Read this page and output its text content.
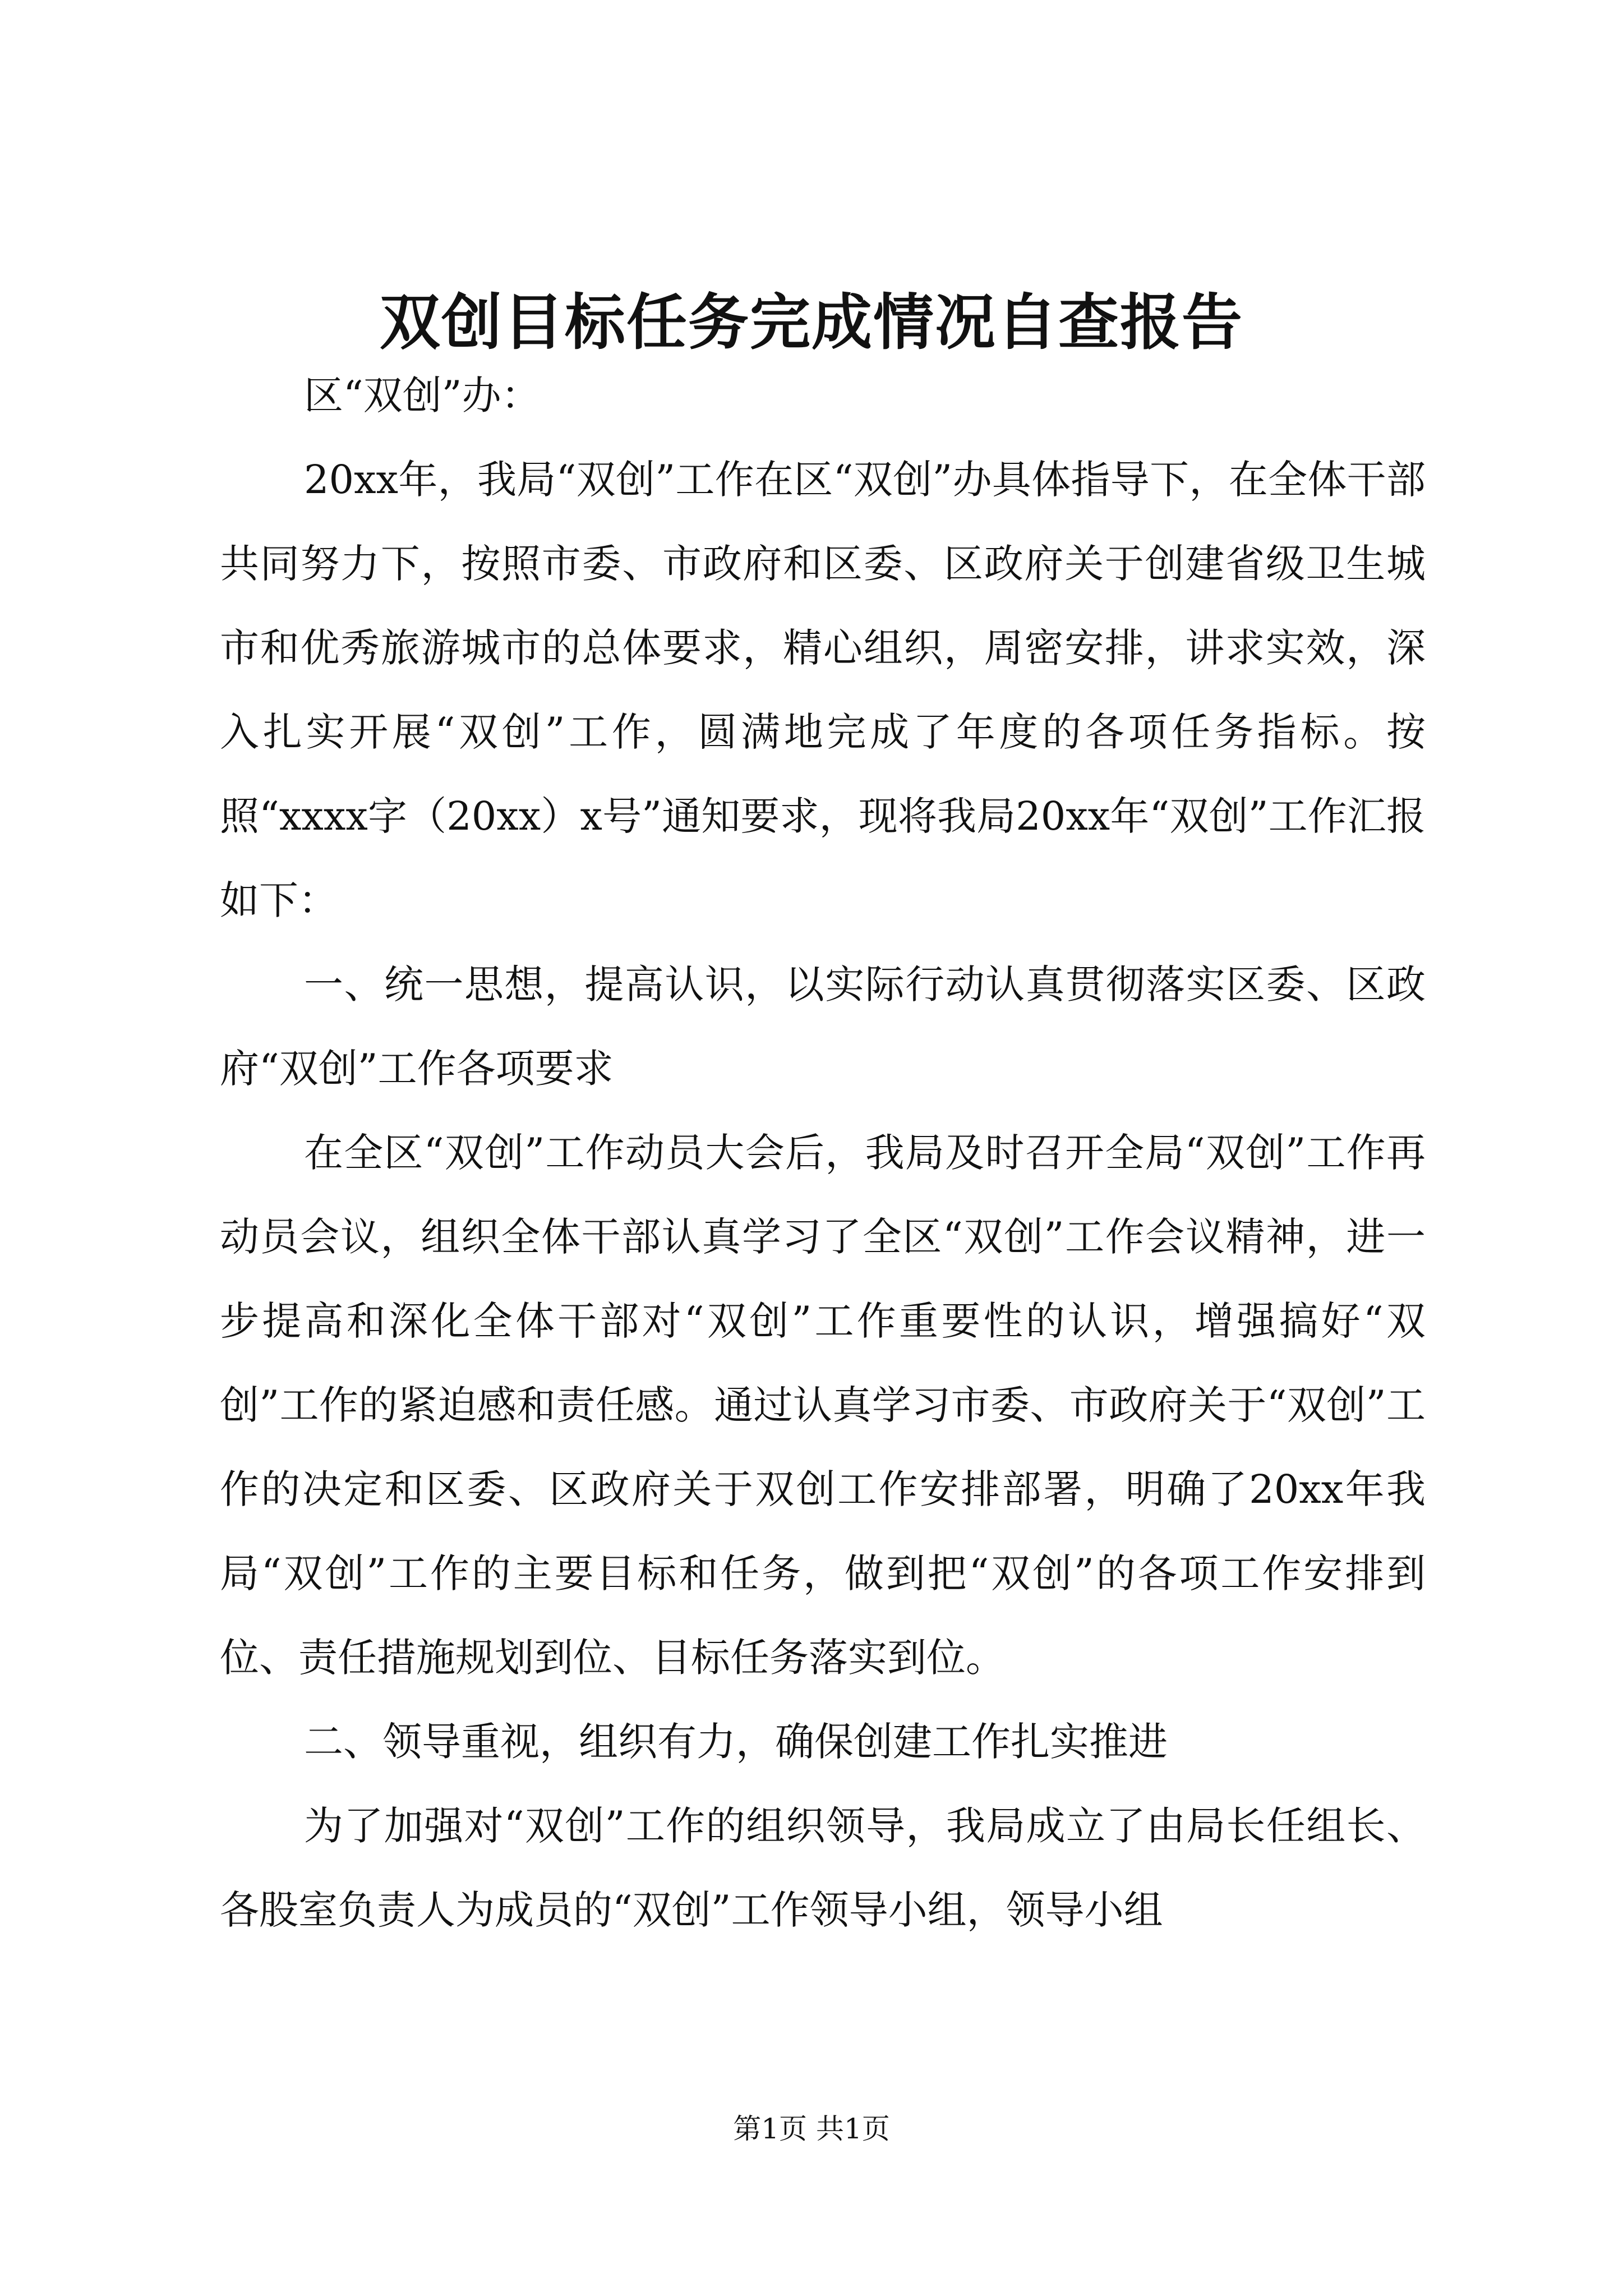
双创目标任务完成情况自查报告

区“双创”办：

20xx年，我局“双创”工作在区“双创”办具体指导下，在全体干部共同努力下，按照市委、市政府和区委、区政府关于创建省级卫生城市和优秀旅游城市的总体要求，精心组织，周密安排，讲求实效，深入扎实开展“双创”工作，圆满地完成了年度的各项任务指标。按照“xxxx字（20xx）x号”通知要求，现将我局20xx年“双创”工作汇报如下：

一、统一思想，提高认识，以实际行动认真贯彻落实区委、区政府“双创”工作各项要求

在全区“双创”工作动员大会后，我局及时召开全局“双创”工作再动员会议，组织全体干部认真学习了全区“双创”工作会议精神，进一步提高和深化全体干部对“双创”工作重要性的认识，增强搞好“双创”工作的紧迫感和责任感。通过认真学习市委、市政府关于“双创”工作的决定和区委、区政府关于双创工作安排部署，明确了20xx年我局“双创”工作的主要目标和任务，做到把“双创”的各项工作安排到位、责任措施规划到位、目标任务落实到位。

二、领导重视，组织有力，确保创建工作扎实推进

为了加强对“双创”工作的组织领导，我局成立了由局长任组长、各股室负责人为成员的“双创”工作领导小组，领导小组

第1页 共1页
